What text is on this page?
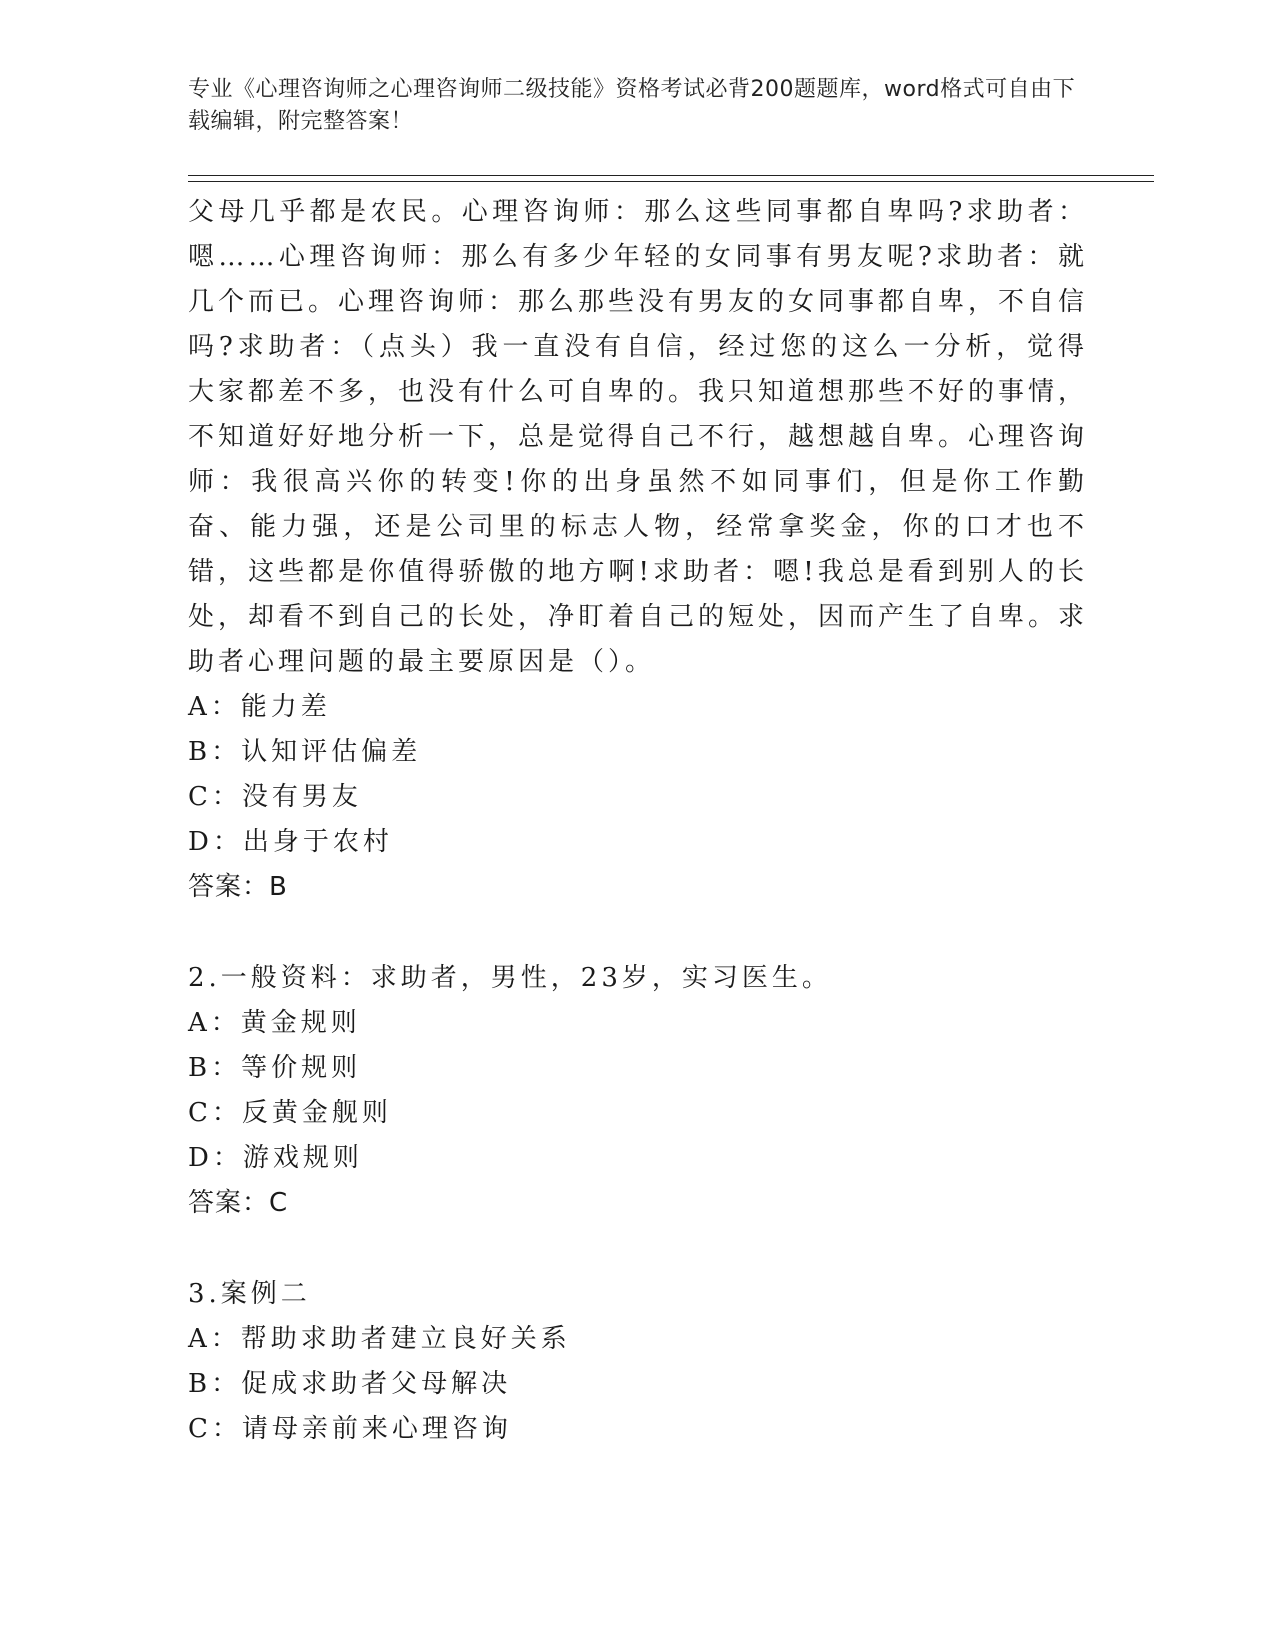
专业《心理咨询师之心理咨询师二级技能》资格考试必背200题题库，word格式可自由下载编辑，附完整答案！

父母几乎都是农民。心理咨询师：那么这些同事都自卑吗?求助者：嗯……心理咨询师：那么有多少年轻的女同事有男友呢?求助者：就几个而已。心理咨询师：那么那些没有男友的女同事都自卑，不自信吗?求助者：（点头）我一直没有自信，经过您的这么一分析，觉得大家都差不多，也没有什么可自卑的。我只知道想那些不好的事情，不知道好好地分析一下，总是觉得自己不行，越想越自卑。心理咨询师：我很高兴你的转变!你的出身虽然不如同事们，但是你工作勤奋、能力强，还是公司里的标志人物，经常拿奖金，你的口才也不错，这些都是你值得骄傲的地方啊!求助者：嗯!我总是看到别人的长处，却看不到自己的长处，净盯着自己的短处，因而产生了自卑。求助者心理问题的最主要原因是（）。

A：能力差
B：认知评估偏差
C：没有男友
D：出身于农村
答案：B
2.一般资料：求助者，男性，23岁，实习医生。
A：黄金规则
B：等价规则
C：反黄金舰则
D：游戏规则
答案：C
3.案例二
A：帮助求助者建立良好关系
B：促成求助者父母解决
C：请母亲前来心理咨询
